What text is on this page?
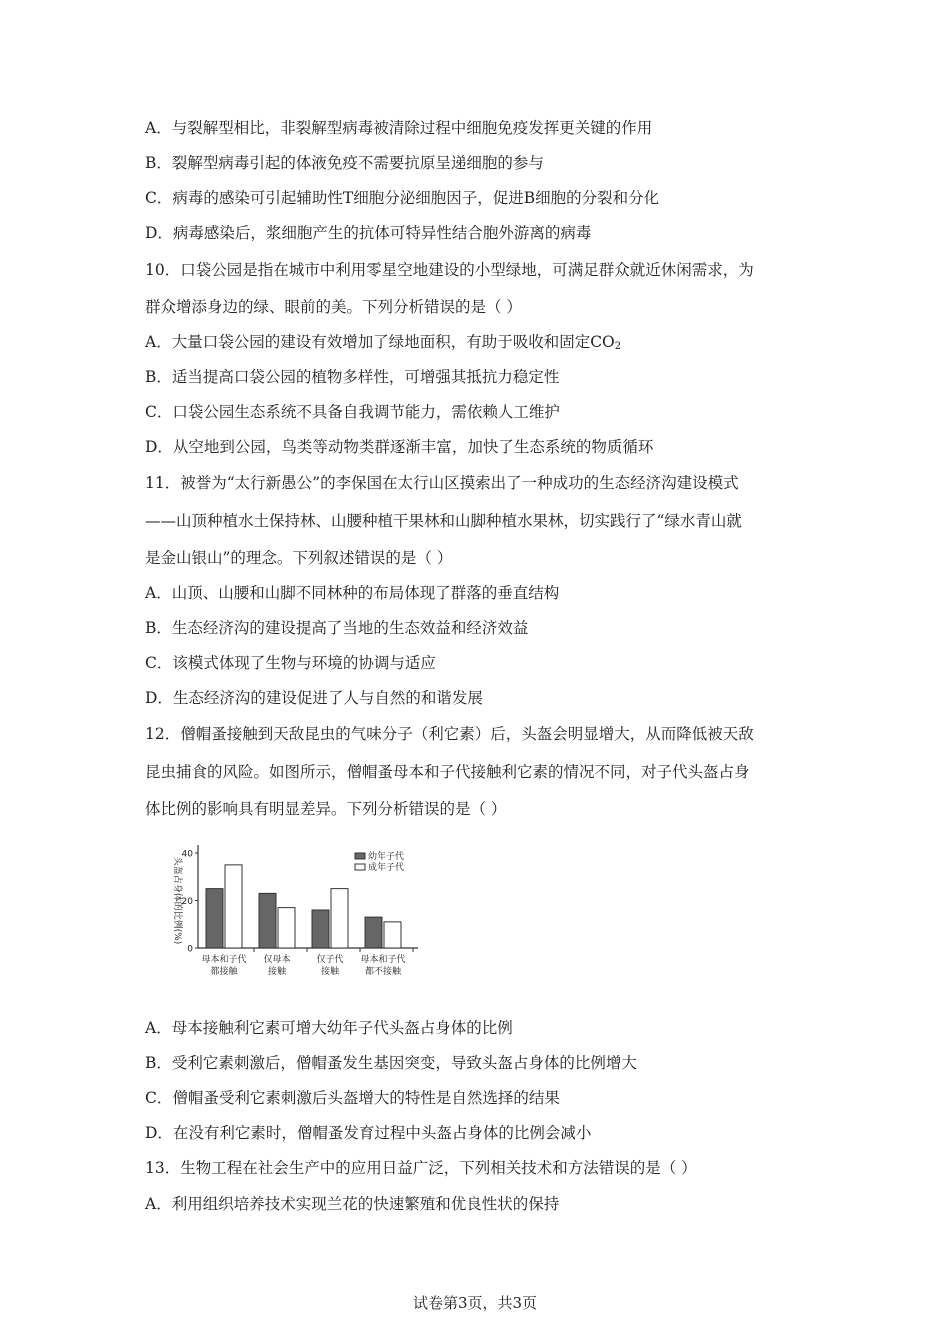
A．与裂解型相比，非裂解型病毒被清除过程中细胞免疫发挥更关键的作用
B．裂解型病毒引起的体液免疫不需要抗原呈递细胞的参与
C．病毒的感染可引起辅助性T细胞分泌细胞因子，促进B细胞的分裂和分化
D．病毒感染后，浆细胞产生的抗体可特异性结合胞外游离的病毒
10．口袋公园是指在城市中利用零星空地建设的小型绿地，可满足群众就近休闲需求，为
群众增添身边的绿、眼前的美。下列分析错误的是（ ）
A．大量口袋公园的建设有效增加了绿地面积，有助于吸收和固定$CO_2$
B．适当提高口袋公园的植物多样性，可增强其抵抗力稳定性
C．口袋公园生态系统不具备自我调节能力，需依赖人工维护
D．从空地到公园，鸟类等动物类群逐渐丰富，加快了生态系统的物质循环
11．被誉为“太行新愚公”的李保国在太行山区摸索出了一种成功的生态经济沟建设模式
——山顶种植水土保持林、山腰种植干果林和山脚种植水果林，切实践行了“绿水青山就
是金山银山”的理念。下列叙述错误的是（ ）
A．山顶、山腰和山脚不同林种的布局体现了群落的垂直结构
B．生态经济沟的建设提高了当地的生态效益和经济效益
C．该模式体现了生物与环境的协调与适应
D．生态经济沟的建设促进了人与自然的和谐发展
12．僧帽蚤接触到天敌昆虫的气味分子（利它素）后，头盔会明显增大，从而降低被天敌
昆虫捕食的风险。如图所示，僧帽蚤母本和子代接触利它素的情况不同，对子代头盔占身
体比例的影响具有明显差异。下列分析错误的是（ ）
0
20
40
头盔占身体的比例(%)
母本和子代
都接触
仅母本
接触
仅子代
接触
母本和子代
都不接触
幼年子代
成年子代
A．母本接触利它素可增大幼年子代头盔占身体的比例
B．受利它素刺激后，僧帽蚤发生基因突变，导致头盔占身体的比例增大
C．僧帽蚤受利它素刺激后头盔增大的特性是自然选择的结果
D．在没有利它素时，僧帽蚤发育过程中头盔占身体的比例会减小
13．生物工程在社会生产中的应用日益广泛，下列相关技术和方法错误的是（ ）
A．利用组织培养技术实现兰花的快速繁殖和优良性状的保持
试卷第3页，共3页
